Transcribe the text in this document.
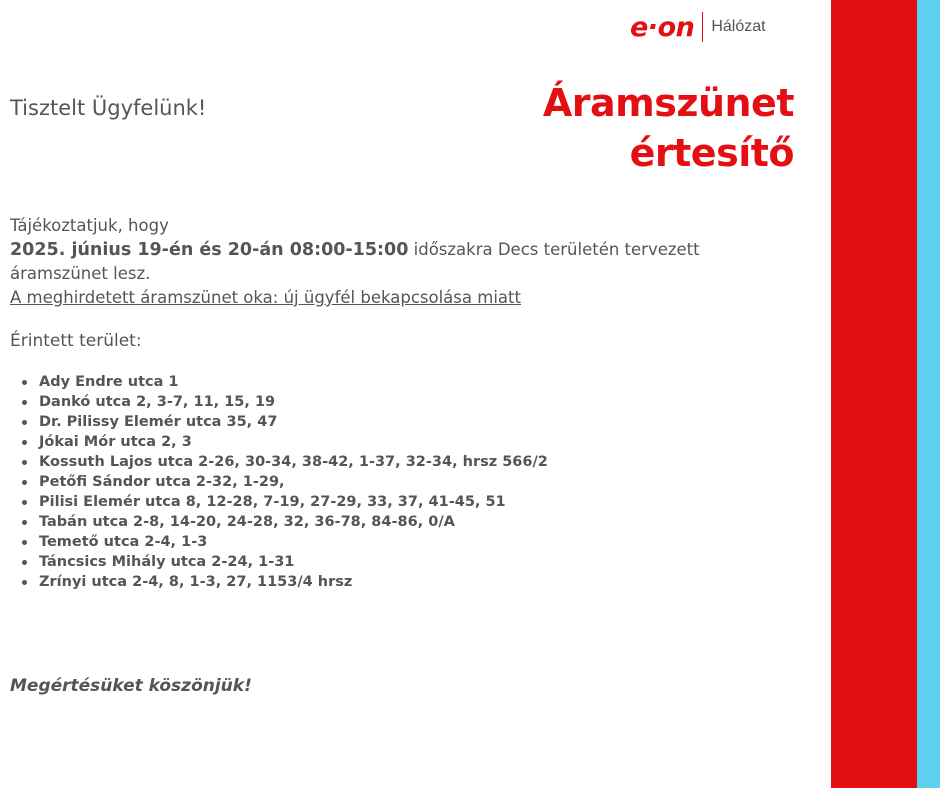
e·on Hálózat
Áramszünet
értesítő
Tisztelt Ügyfelünk!
Tájékoztatjuk, hogy
2025. június 19-én és 20-án 08:00-15:00 időszakra Decs területén tervezett
áramszünet lesz.
A meghirdetett áramszünet oka: új ügyfél bekapcsolása miatt
Érintett terület:
Ady Endre utca 1
Dankó utca 2, 3-7, 11, 15, 19
Dr. Pilissy Elemér utca 35, 47
Jókai Mór utca 2, 3
Kossuth Lajos utca 2-26, 30-34, 38-42, 1-37, 32-34, hrsz 566/2
Petőfi Sándor utca 2-32, 1-29,
Pilisi Elemér utca 8, 12-28, 7-19, 27-29, 33, 37, 41-45, 51
Tabán utca 2-8, 14-20, 24-28, 32, 36-78, 84-86, 0/A
Temető utca 2-4, 1-3
Táncsics Mihály utca 2-24, 1-31
Zrínyi utca 2-4, 8, 1-3, 27, 1153/4 hrsz
Megértésüket köszönjük!
